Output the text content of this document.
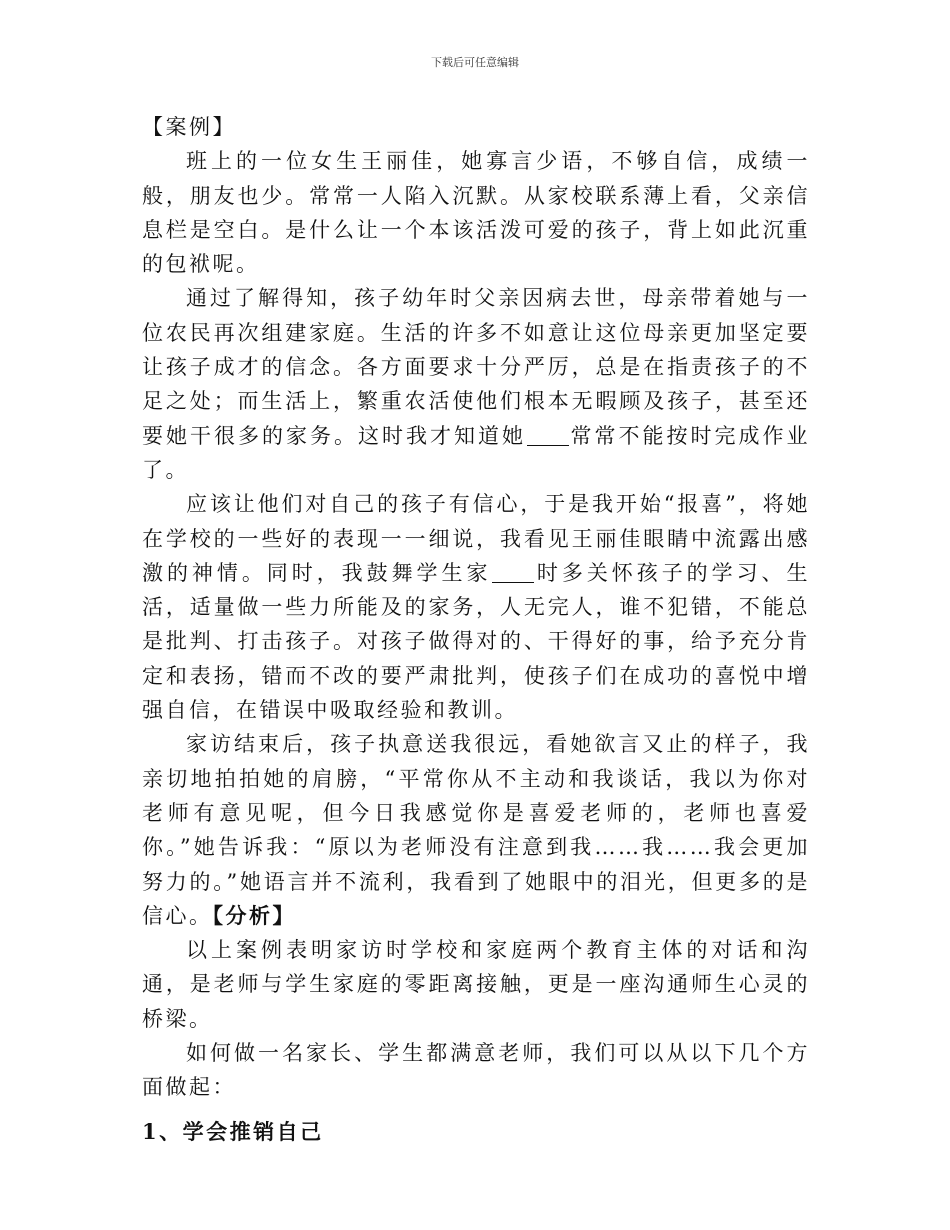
下载后可任意编辑

【案例】

班上的一位女生王丽佳，她寡言少语，不够自信，成绩一般，朋友也少。常常一人陷入沉默。从家校联系薄上看，父亲信息栏是空白。是什么让一个本该活泼可爱的孩子，背上如此沉重的包袱呢。

通过了解得知，孩子幼年时父亲因病去世，母亲带着她与一位农民再次组建家庭。生活的许多不如意让这位母亲更加坚定要让孩子成才的信念。各方面要求十分严厉，总是在指责孩子的不足之处；而生活上，繁重农活使他们根本无暇顾及孩子，甚至还要她干很多的家务。这时我才知道她 常常不能按时完成作业了。

应该让他们对自己的孩子有信心，于是我开始“报喜”，将她在学校的一些好的表现一一细说，我看见王丽佳眼睛中流露出感激的神情。同时，我鼓舞学生家 时多关怀孩子的学习、生活，适量做一些力所能及的家务，人无完人，谁不犯错，不能总是批判、打击孩子。对孩子做得对的、干得好的事，给予充分肯定和表扬，错而不改的要严肃批判，使孩子们在成功的喜悦中增强自信，在错误中吸取经验和教训。

家访结束后，孩子执意送我很远，看她欲言又止的样子，我亲切地拍拍她的肩膀，“平常你从不主动和我谈话，我以为你对老师有意见呢，但今日我感觉你是喜爱老师的，老师也喜爱你。”她告诉我：“原以为老师没有注意到我……我……我会更加努力的。”她语言并不流利，我看到了她眼中的泪光，但更多的是信心。【分析】

以上案例表明家访时学校和家庭两个教育主体的对话和沟通，是老师与学生家庭的零距离接触，更是一座沟通师生心灵的桥梁。

如何做一名家长、学生都满意老师，我们可以从以下几个方面做起：

1、学会推销自己
